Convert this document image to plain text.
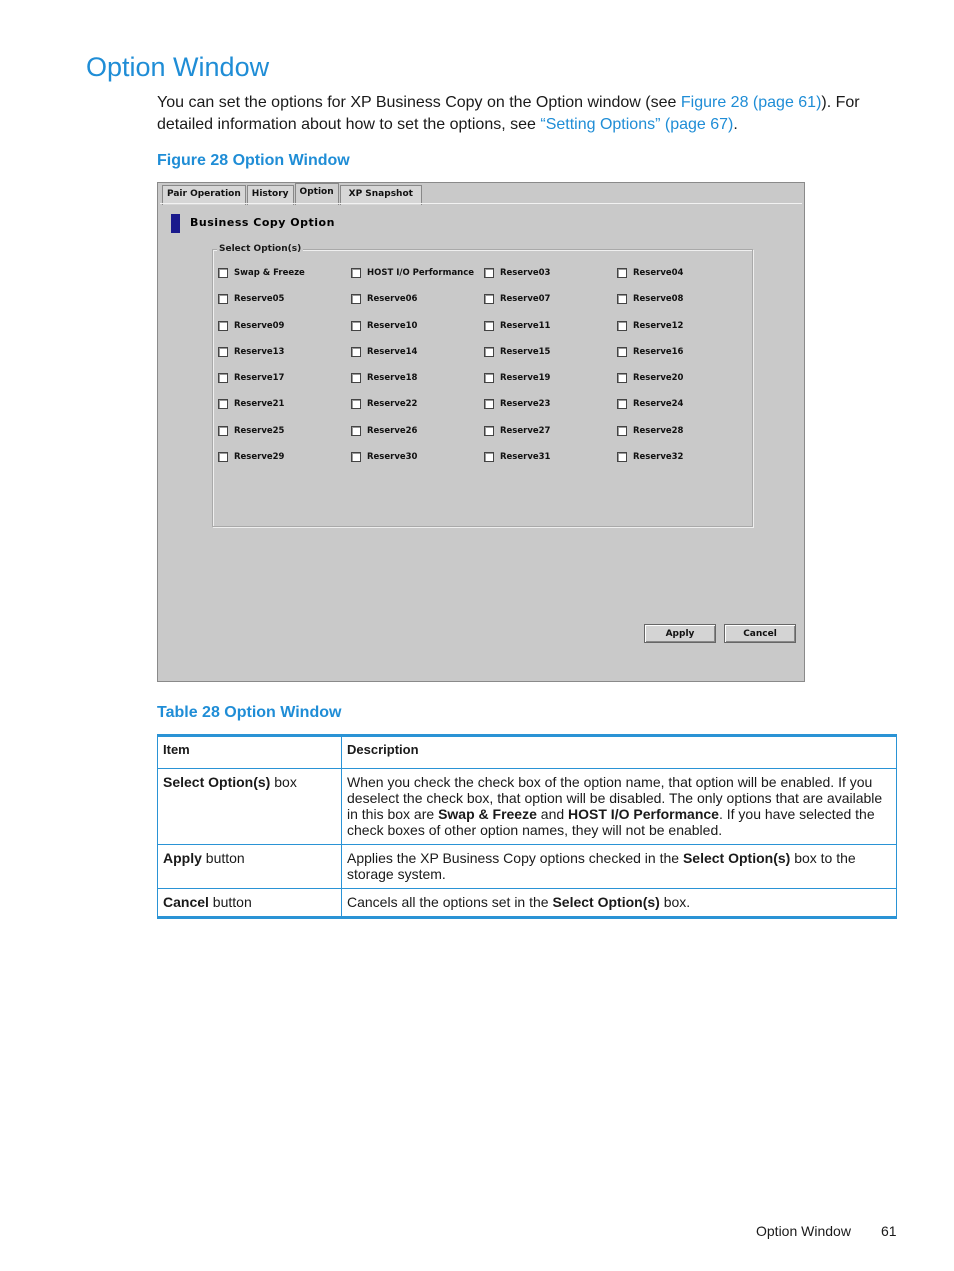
Option Window

You can set the options for XP Business Copy on the Option window (see Figure 28 (page 61)). For detailed information about how to set the options, see “Setting Options” (page 67).

Figure 28 Option Window

Pair Operation	History	Option	XP Snapshot
Business Copy Option
Select Option(s)
Swap & Freeze	HOST I/O Performance	Reserve03	Reserve04
Reserve05	Reserve06	Reserve07	Reserve08
Reserve09	Reserve10	Reserve11	Reserve12
Reserve13	Reserve14	Reserve15	Reserve16
Reserve17	Reserve18	Reserve19	Reserve20
Reserve21	Reserve22	Reserve23	Reserve24
Reserve25	Reserve26	Reserve27	Reserve28
Reserve29	Reserve30	Reserve31	Reserve32
Apply	Cancel

Table 28 Option Window

Item	Description
Select Option(s) box	When you check the check box of the option name, that option will be enabled. If you deselect the check box, that option will be disabled. The only options that are available in this box are Swap & Freeze and HOST I/O Performance. If you have selected the check boxes of other option names, they will not be enabled.
Apply button	Applies the XP Business Copy options checked in the Select Option(s) box to the storage system.
Cancel button	Cancels all the options set in the Select Option(s) box.
Option Window 61
